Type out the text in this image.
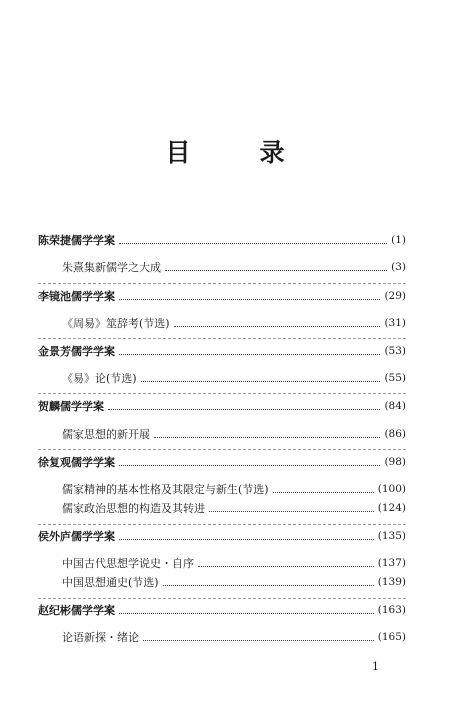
目　录
陈荣捷儒学学案	(1)
朱熹集新儒学之大成	(3)
李镜池儒学学案	(29)
《周易》筮辞考(节选)	(31)
金景芳儒学学案	(53)
《易》论(节选)	(55)
贺麟儒学学案	(84)
儒家思想的新开展	(86)
徐复观儒学学案	(98)
儒家精神的基本性格及其限定与新生(节选)	(100)
儒家政治思想的构造及其转进	(124)
侯外庐儒学学案	(135)
中国古代思想学说史・自序	(137)
中国思想通史(节选)	(139)
赵纪彬儒学学案	(163)
论语新探・绪论	(165)
1
